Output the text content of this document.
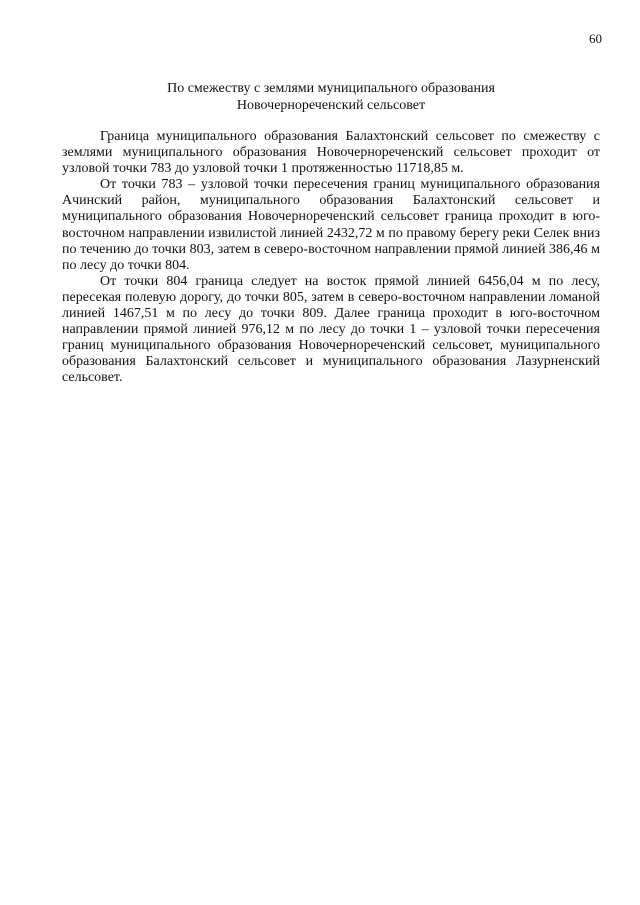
60
По смежеству с землями муниципального образования
Новочернореченский сельсовет

Граница муниципального образования Балахтонский сельсовет по смежеству с землями муниципального образования Новочернореченский сельсовет проходит от узловой точки 783 до узловой точки 1 протяженностью 11718,85 м.

От точки 783 – узловой точки пересечения границ муниципального образования Ачинский район, муниципального образования Балахтонский сельсовет и муниципального образования Новочернореченский сельсовет граница проходит в юго-восточном направлении извилистой линией 2432,72 м по правому берегу реки Селек вниз по течению до точки 803, затем в северо-восточном направлении прямой линией 386,46 м по лесу до точки 804.

От точки 804 граница следует на восток прямой линией 6456,04 м по лесу, пересекая полевую дорогу, до точки 805, затем в северо-восточном направлении ломаной линией 1467,51 м по лесу до точки 809. Далее граница проходит в юго-восточном направлении прямой линией 976,12 м по лесу до точки 1 – узловой точки пересечения границ муниципального образования Новочернореченский сельсовет, муниципального образования Балахтонский сельсовет и муниципального образования Лазурненский сельсовет.
